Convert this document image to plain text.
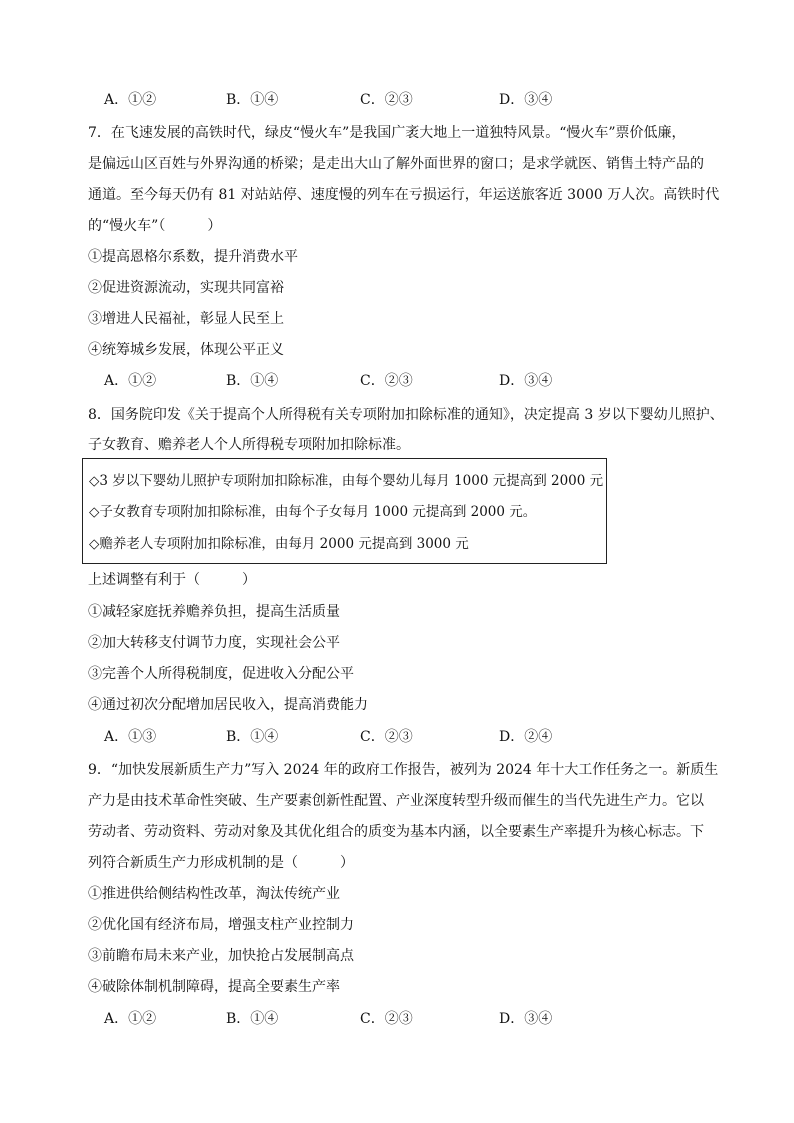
A．①②	B．①④	C．②③	D．③④
7．在飞速发展的高铁时代，绿皮“慢火车”是我国广袤大地上一道独特风景。“慢火车”票价低廉，
是偏远山区百姓与外界沟通的桥梁；是走出大山了解外面世界的窗口；是求学就医、销售土特产品的
通道。至今每天仍有 81 对站站停、速度慢的列车在亏损运行，年运送旅客近 3000 万人次。高铁时代
的“慢火车”（　　　）
①提高恩格尔系数，提升消费水平
②促进资源流动，实现共同富裕
③增进人民福祉，彰显人民至上
④统筹城乡发展，体现公平正义
A．①②	B．①④	C．②③	D．③④
8．国务院印发《关于提高个人所得税有关专项附加扣除标准的通知》，决定提高 3 岁以下婴幼儿照护、
子女教育、赡养老人个人所得税专项附加扣除标准。
◇3 岁以下婴幼儿照护专项附加扣除标准，由每个婴幼儿每月 1000 元提高到 2000 元
◇子女教育专项附加扣除标准，由每个子女每月 1000 元提高到 2000 元。
◇赡养老人专项附加扣除标准，由每月 2000 元提高到 3000 元
上述调整有利于（　　　）
①减轻家庭抚养赡养负担，提高生活质量
②加大转移支付调节力度，实现社会公平
③完善个人所得税制度，促进收入分配公平
④通过初次分配增加居民收入，提高消费能力
A．①③	B．①④	C．②③	D．②④
9．“加快发展新质生产力”写入 2024 年的政府工作报告，被列为 2024 年十大工作任务之一。新质生
产力是由技术革命性突破、生产要素创新性配置、产业深度转型升级而催生的当代先进生产力。它以
劳动者、劳动资料、劳动对象及其优化组合的质变为基本内涵，以全要素生产率提升为核心标志。下
列符合新质生产力形成机制的是（　　　）
①推进供给侧结构性改革，淘汰传统产业
②优化国有经济布局，增强支柱产业控制力
③前瞻布局未来产业，加快抢占发展制高点
④破除体制机制障碍，提高全要素生产率
A．①②	B．①④	C．②③	D．③④
